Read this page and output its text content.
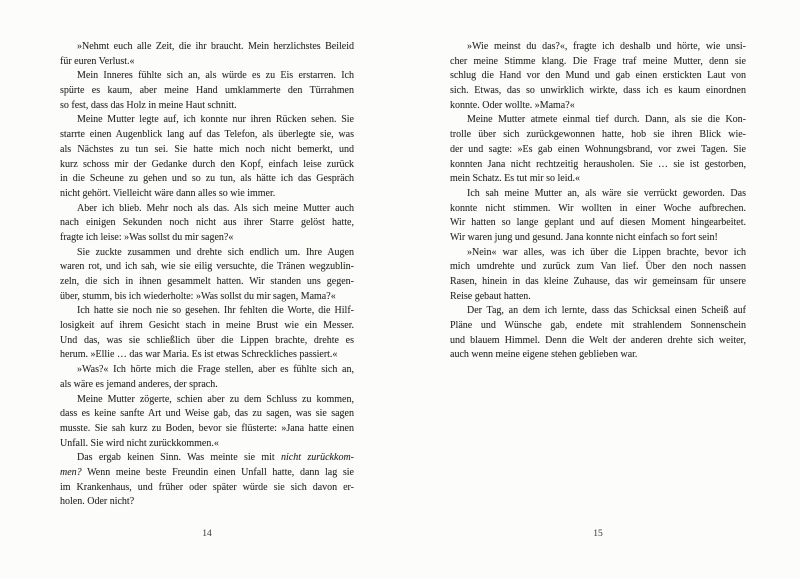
»Nehmt euch alle Zeit, die ihr braucht. Mein herzlichstes Beileid
für euren Verlust.«
Mein Inneres fühlte sich an, als würde es zu Eis erstarren. Ich
spürte es kaum, aber meine Hand umklammerte den Türrahmen
so fest, dass das Holz in meine Haut schnitt.
Meine Mutter legte auf, ich konnte nur ihren Rücken sehen. Sie
starrte einen Augenblick lang auf das Telefon, als überlegte sie, was
als Nächstes zu tun sei. Sie hatte mich noch nicht bemerkt, und
kurz schoss mir der Gedanke durch den Kopf, einfach leise zurück
in die Scheune zu gehen und so zu tun, als hätte ich das Gespräch
nicht gehört. Vielleicht wäre dann alles so wie immer.
Aber ich blieb. Mehr noch als das. Als sich meine Mutter auch
nach einigen Sekunden noch nicht aus ihrer Starre gelöst hatte,
fragte ich leise: »Was sollst du mir sagen?«
Sie zuckte zusammen und drehte sich endlich um. Ihre Augen
waren rot, und ich sah, wie sie eilig versuchte, die Tränen wegzublin-
zeln, die sich in ihnen gesammelt hatten. Wir standen uns gegen-
über, stumm, bis ich wiederholte: »Was sollst du mir sagen, Mama?«
Ich hatte sie noch nie so gesehen. Ihr fehlten die Worte, die Hilf-
losigkeit auf ihrem Gesicht stach in meine Brust wie ein Messer.
Und das, was sie schließlich über die Lippen brachte, drehte es
herum. »Ellie … das war Maria. Es ist etwas Schreckliches passiert.«
»Was?« Ich hörte mich die Frage stellen, aber es fühlte sich an,
als wäre es jemand anderes, der sprach.
Meine Mutter zögerte, schien aber zu dem Schluss zu kommen,
dass es keine sanfte Art und Weise gab, das zu sagen, was sie sagen
musste. Sie sah kurz zu Boden, bevor sie flüsterte: »Jana hatte einen
Unfall. Sie wird nicht zurückkommen.«
Das ergab keinen Sinn. Was meinte sie mit nicht zurückkom-
men? Wenn meine beste Freundin einen Unfall hatte, dann lag sie
im Krankenhaus, und früher oder später würde sie sich davon er-
holen. Oder nicht?
14
»Wie meinst du das?«, fragte ich deshalb und hörte, wie unsi-
cher meine Stimme klang. Die Frage traf meine Mutter, denn sie
schlug die Hand vor den Mund und gab einen erstickten Laut von
sich. Etwas, das so unwirklich wirkte, dass ich es kaum einordnen
konnte. Oder wollte. »Mama?«
Meine Mutter atmete einmal tief durch. Dann, als sie die Kon-
trolle über sich zurückgewonnen hatte, hob sie ihren Blick wie-
der und sagte: »Es gab einen Wohnungsbrand, vor zwei Tagen. Sie
konnten Jana nicht rechtzeitig herausholen. Sie … sie ist gestorben,
mein Schatz. Es tut mir so leid.«
Ich sah meine Mutter an, als wäre sie verrückt geworden. Das
konnte nicht stimmen. Wir wollten in einer Woche aufbrechen.
Wir hatten so lange geplant und auf diesen Moment hingearbeitet.
Wir waren jung und gesund. Jana konnte nicht einfach so fort sein!
»Nein« war alles, was ich über die Lippen brachte, bevor ich
mich umdrehte und zurück zum Van lief. Über den noch nassen
Rasen, hinein in das kleine Zuhause, das wir gemeinsam für unsere
Reise gebaut hatten.
Der Tag, an dem ich lernte, dass das Schicksal einen Scheiß auf
Pläne und Wünsche gab, endete mit strahlendem Sonnenschein
und blauem Himmel. Denn die Welt der anderen drehte sich weiter,
auch wenn meine eigene stehen geblieben war.
15
